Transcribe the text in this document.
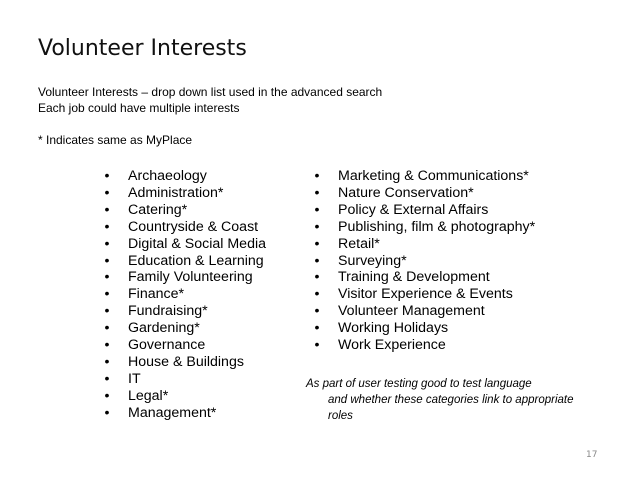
Volunteer Interests
Volunteer Interests – drop down list used in the advanced search
Each job could have multiple interests
* Indicates same as MyPlace
• Archaeology
• Administration*
• Catering*
• Countryside & Coast
• Digital & Social Media
• Education & Learning
• Family Volunteering
• Finance*
• Fundraising*
• Gardening*
• Governance
• House & Buildings
• IT
• Legal*
• Management*
• Marketing & Communications*
• Nature Conservation*
• Policy & External Affairs
• Publishing, film & photography*
• Retail*
• Surveying*
• Training & Development
• Visitor Experience & Events
• Volunteer Management
• Working Holidays
• Work Experience
As part of user testing good to test language
and whether these categories link to appropriate roles
17
